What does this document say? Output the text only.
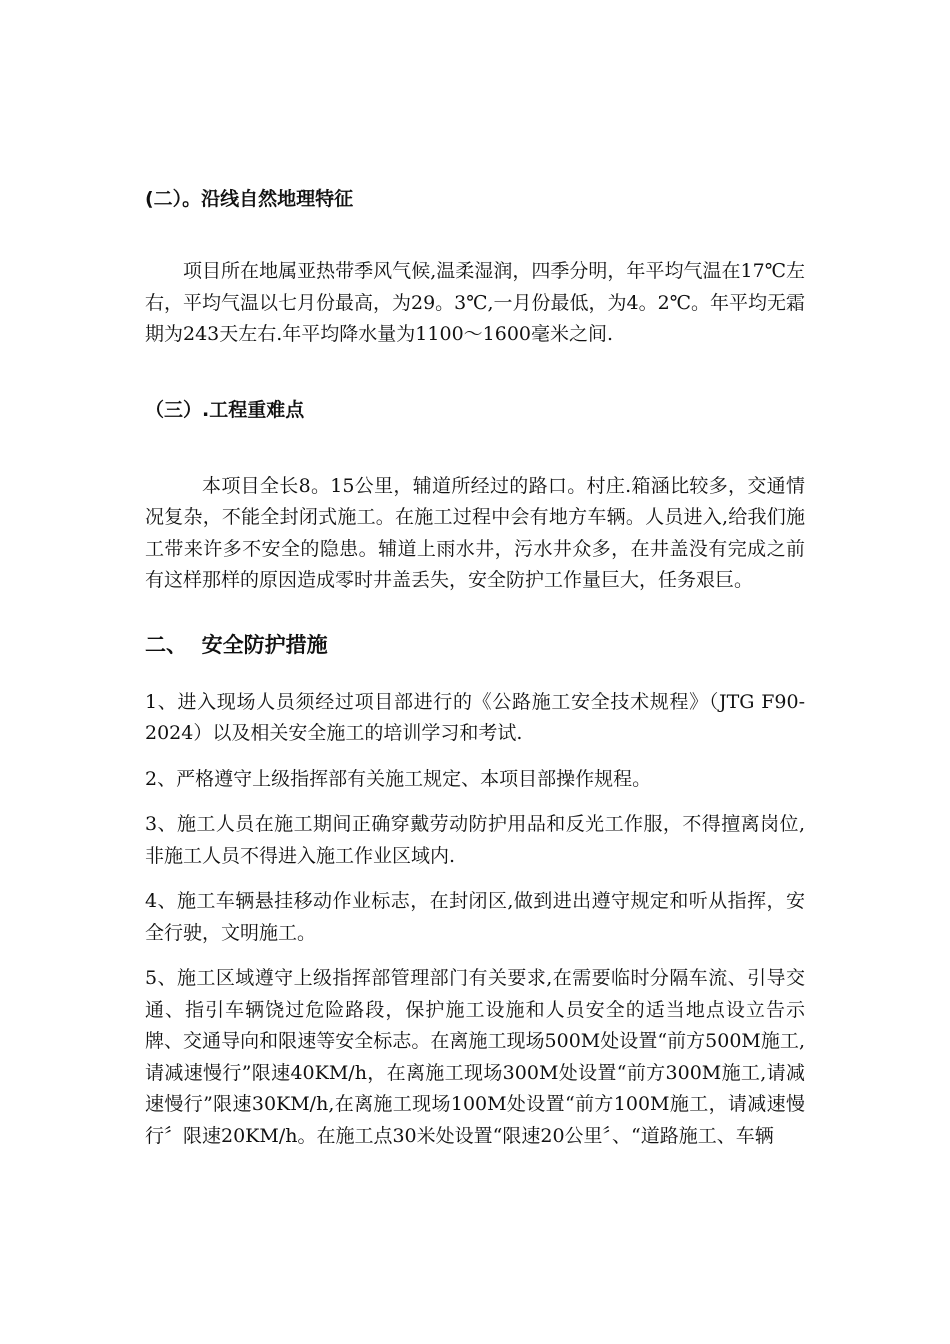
(二）。沿线自然地理特征

项目所在地属亚热带季风气候,温柔湿润，四季分明，年平均气温在17℃左右，平均气温以七月份最高，为29。3℃,一月份最低，为4。2℃。年平均无霜期为243天左右.年平均降水量为1100～1600毫米之间.

（三）.工程重难点

本项目全长8。15公里，辅道所经过的路口。村庄.箱涵比较多，交通情况复杂，不能全封闭式施工。在施工过程中会有地方车辆。人员进入,给我们施工带来许多不安全的隐患。辅道上雨水井，污水井众多，在井盖没有完成之前有这样那样的原因造成零时井盖丢失，安全防护工作量巨大，任务艰巨。

二、  安全防护措施

1、进入现场人员须经过项目部进行的《公路施工安全技术规程》（JTG F90-2024）以及相关安全施工的培训学习和考试.

2、严格遵守上级指挥部有关施工规定、本项目部操作规程。

3、施工人员在施工期间正确穿戴劳动防护用品和反光工作服，不得擅离岗位,非施工人员不得进入施工作业区域内.

4、施工车辆悬挂移动作业标志，在封闭区,做到进出遵守规定和听从指挥，安全行驶，文明施工。

5、施工区域遵守上级指挥部管理部门有关要求,在需要临时分隔车流、引导交通、指引车辆饶过危险路段，保护施工设施和人员安全的适当地点设立告示牌、交通导向和限速等安全标志。在离施工现场500M处设置“前方500M施工,请减速慢行”限速40KM/h，在离施工现场300M处设置“前方300M施工,请减速慢行”限速30KM/h,在离施工现场100M处设置“前方100M施工，请减速慢行〞限速20KM/h。在施工点30米处设置“限速20公里〞、“道路施工、车辆
